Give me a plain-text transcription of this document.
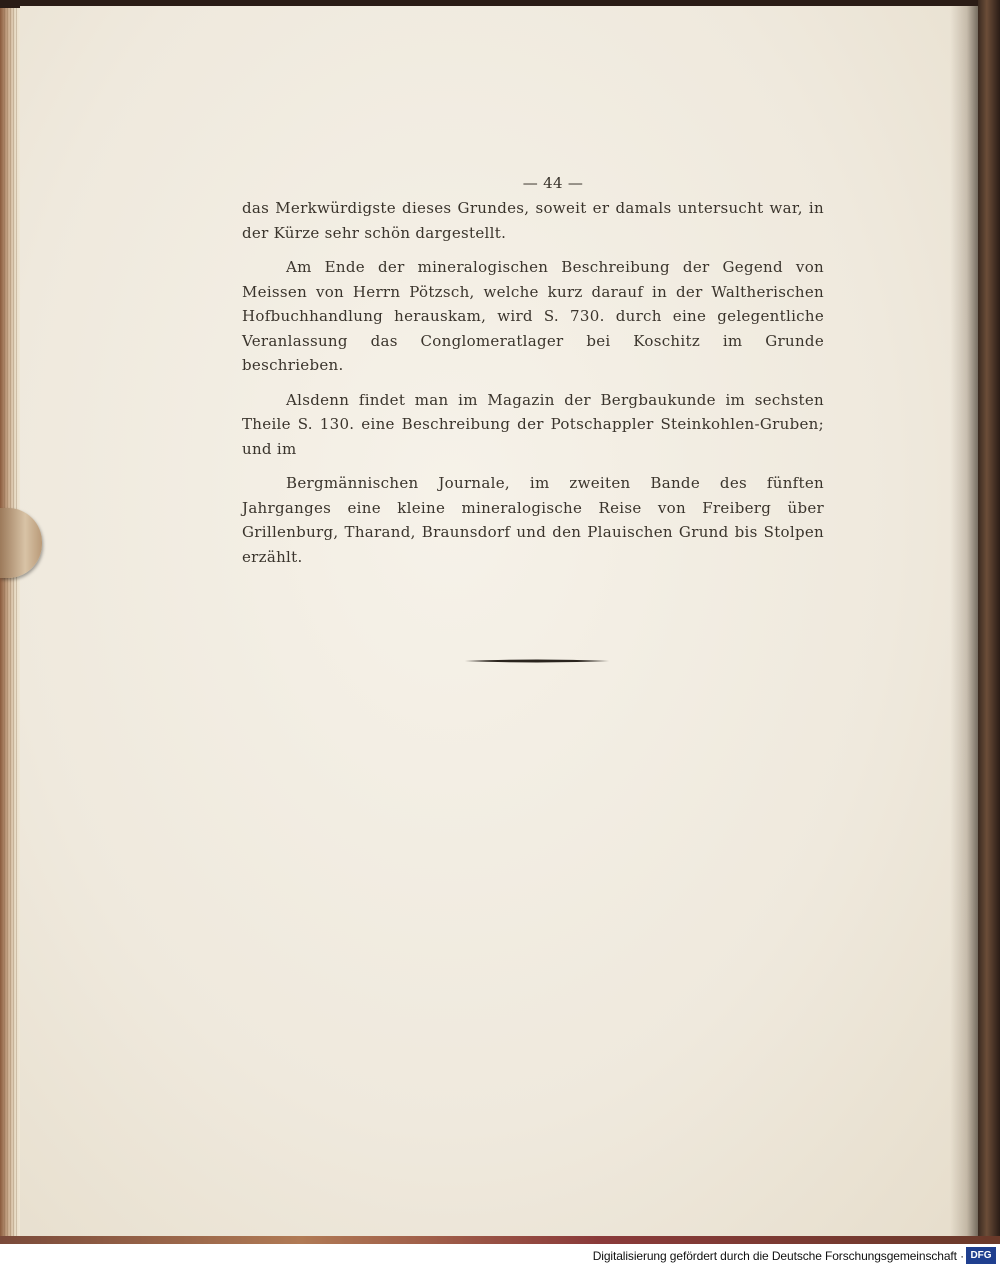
— 44 —

das Merkwürdigste dieses Grundes, soweit er damals untersucht war, in der Kürze sehr schön dargestellt.

Am Ende der mineralogischen Beschreibung der Gegend von Meissen von Herrn Pötzsch, welche kurz darauf in der Waltherischen Hofbuchhandlung herauskam, wird S. 730. durch eine gelegentliche Veranlassung das Conglomeratlager bei Koschitz im Grunde beschrieben.

Alsdenn findet man im Magazin der Bergbaukunde im sechsten Theile S. 130. eine Beschreibung der Potschappler Steinkohlen-Gruben; und im

Bergmännischen Journale, im zweiten Bande des fünften Jahrganges eine kleine mineralogische Reise von Freiberg über Grillenburg, Tharand, Braunsdorf und den Plauischen Grund bis Stolpen erzählt.

Digitalisierung gefördert durch die Deutsche Forschungsgemeinschaft · DFG
